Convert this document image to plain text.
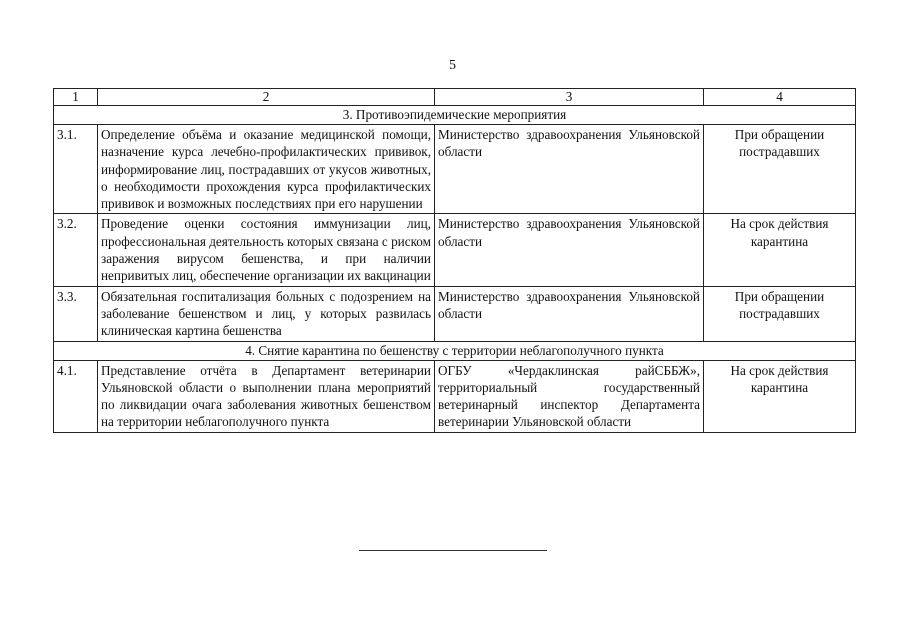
5
1	2	3	4
3. Противоэпидемические мероприятия			
3.1.	Определение объёма и оказание медицинской помощи, назначение курса лечебно-профилактических прививок, информирование лиц, пострадавших от укусов животных, о необходимости прохождения курса профилактических прививок и возможных последствиях при его нарушении	Министерство здравоохранения Ульяновской области	При обращении пострадавших
3.2.	Проведение оценки состояния иммунизации лиц, профессиональная деятельность которых связана с риском заражения вирусом бешенства, и при наличии непривитых лиц, обеспечение организации их вакцинации	Министерство здравоохранения Ульяновской области	На срок действия карантина
3.3.	Обязательная госпитализация больных с подозрением на заболевание бешенством и лиц, у которых развилась клиническая картина бешенства	Министерство здравоохранения Ульяновской области	При обращении пострадавших
4. Снятие карантина по бешенству с территории неблагополучного пункта			
4.1.	Представление отчёта в Департамент ветеринарии Ульяновской области о выполнении плана мероприятий по ликвидации очага заболевания животных бешенством на территории неблагополучного пункта	ОГБУ «Чердаклинская райСББЖ», территориальный государственный ветеринарный инспектор Департамента ветеринарии Ульяновской области	На срок действия карантина
